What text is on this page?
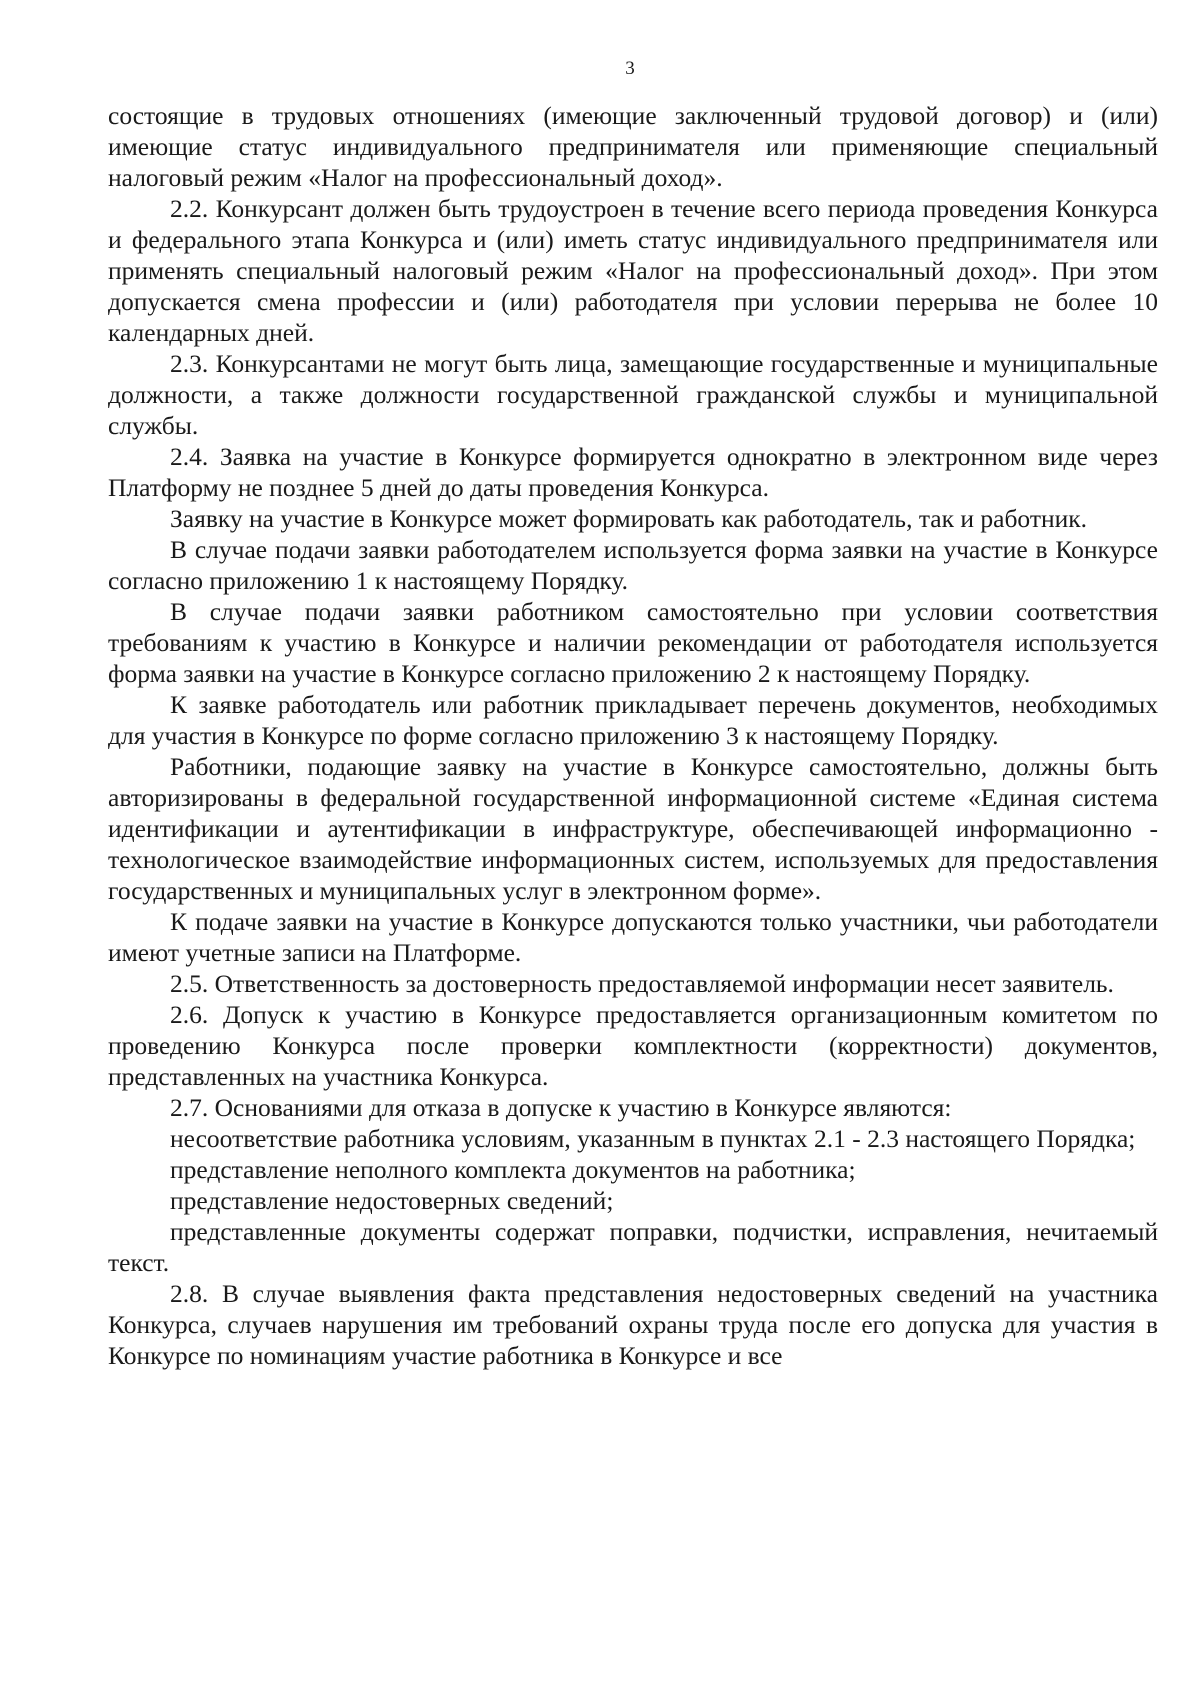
3

состоящие в трудовых отношениях (имеющие заключенный трудовой договор) и (или) имеющие статус индивидуального предпринимателя или применяющие специальный налоговый режим «Налог на профессиональный доход».

2.2. Конкурсант должен быть трудоустроен в течение всего периода проведения Конкурса и федерального этапа Конкурса и (или) иметь статус индивидуального предпринимателя или применять специальный налоговый режим «Налог на профессиональный доход». При этом допускается смена профессии и (или) работодателя при условии перерыва не более 10 календарных дней.

2.3. Конкурсантами не могут быть лица, замещающие государственные и муниципальные должности, а также должности государственной гражданской службы и муниципальной службы.

2.4. Заявка на участие в Конкурсе формируется однократно в электронном виде через Платформу не позднее 5 дней до даты проведения Конкурса.

Заявку на участие в Конкурсе может формировать как работодатель, так и работник.

В случае подачи заявки работодателем используется форма заявки на участие в Конкурсе согласно приложению 1 к настоящему Порядку.

В случае подачи заявки работником самостоятельно при условии соответствия требованиям к участию в Конкурсе и наличии рекомендации от работодателя используется форма заявки на участие в Конкурсе согласно приложению 2 к настоящему Порядку.

К заявке работодатель или работник прикладывает перечень документов, необходимых для участия в Конкурсе по форме согласно приложению 3 к настоящему Порядку.

Работники, подающие заявку на участие в Конкурсе самостоятельно, должны быть авторизированы в федеральной государственной информационной системе «Единая система идентификации и аутентификации в инфраструктуре, обеспечивающей информационно - технологическое взаимодействие информационных систем, используемых для предоставления государственных и муниципальных услуг в электронном форме».

К подаче заявки на участие в Конкурсе допускаются только участники, чьи работодатели имеют учетные записи на Платформе.

2.5. Ответственность за достоверность предоставляемой информации несет заявитель.

2.6. Допуск к участию в Конкурсе предоставляется организационным комитетом по проведению Конкурса после проверки комплектности (корректности) документов, представленных на участника Конкурса.

2.7. Основаниями для отказа в допуске к участию в Конкурсе являются:

несоответствие работника условиям, указанным в пунктах 2.1 - 2.3 настоящего Порядка;

представление неполного комплекта документов на работника;

представление недостоверных сведений;

представленные документы содержат поправки, подчистки, исправления, нечитаемый текст.

2.8. В случае выявления факта представления недостоверных сведений на участника Конкурса, случаев нарушения им требований охраны труда после его допуска для участия в Конкурсе по номинациям участие работника в Конкурсе и все
